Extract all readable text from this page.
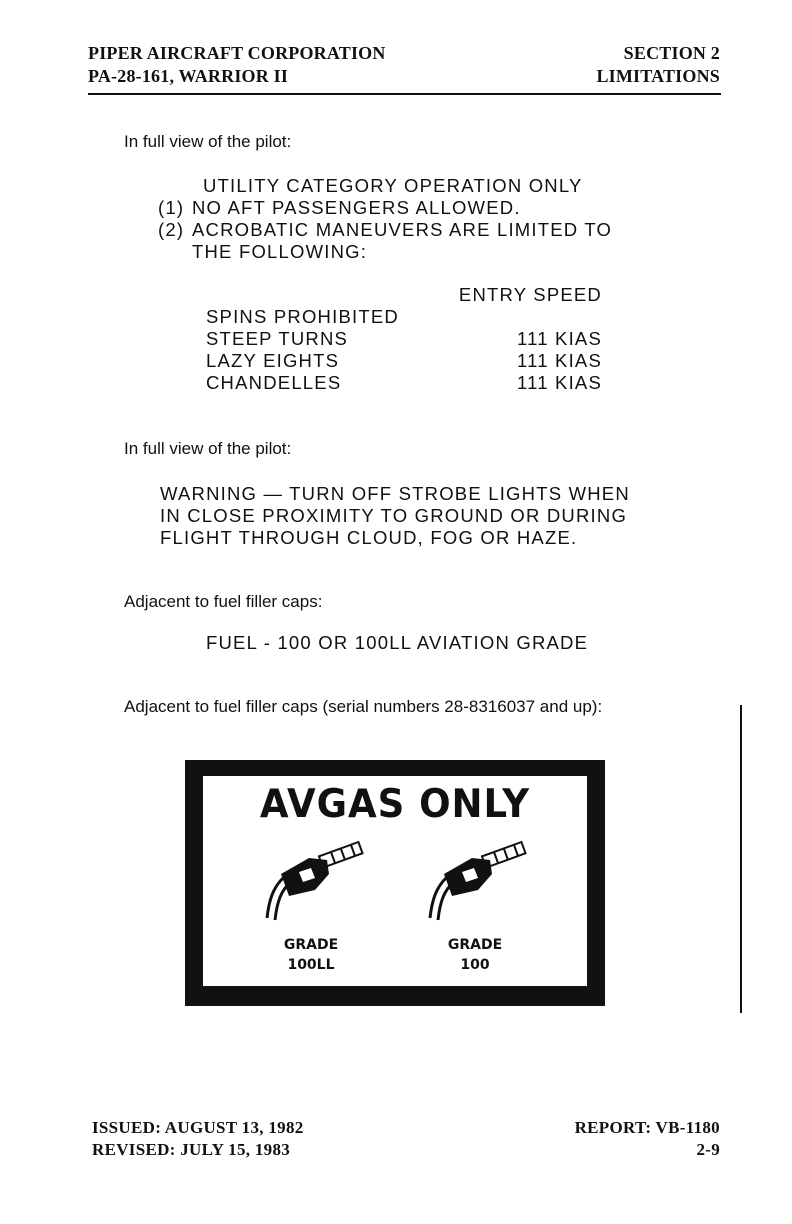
PIPER AIRCRAFT CORPORATION
PA-28-161, WARRIOR II
SECTION 2
LIMITATIONS
In full view of the pilot:
UTILITY CATEGORY OPERATION ONLY
(1) NO AFT PASSENGERS ALLOWED.
(2) ACROBATIC MANEUVERS ARE LIMITED TO
THE FOLLOWING:
ENTRY SPEED
SPINS PROHIBITED
STEEP TURNS	111 KIAS
LAZY EIGHTS	111 KIAS
CHANDELLES	111 KIAS
In full view of the pilot:
WARNING — TURN OFF STROBE LIGHTS WHEN
IN CLOSE PROXIMITY TO GROUND OR DURING
FLIGHT THROUGH CLOUD, FOG OR HAZE.
Adjacent to fuel filler caps:
FUEL - 100 OR 100LL AVIATION GRADE
Adjacent to fuel filler caps (serial numbers 28-8316037 and up):
AVGAS ONLY
GRADE
100LL
GRADE
100
ISSUED: AUGUST 13, 1982
REVISED: JULY 15, 1983
REPORT: VB-1180
2-9
